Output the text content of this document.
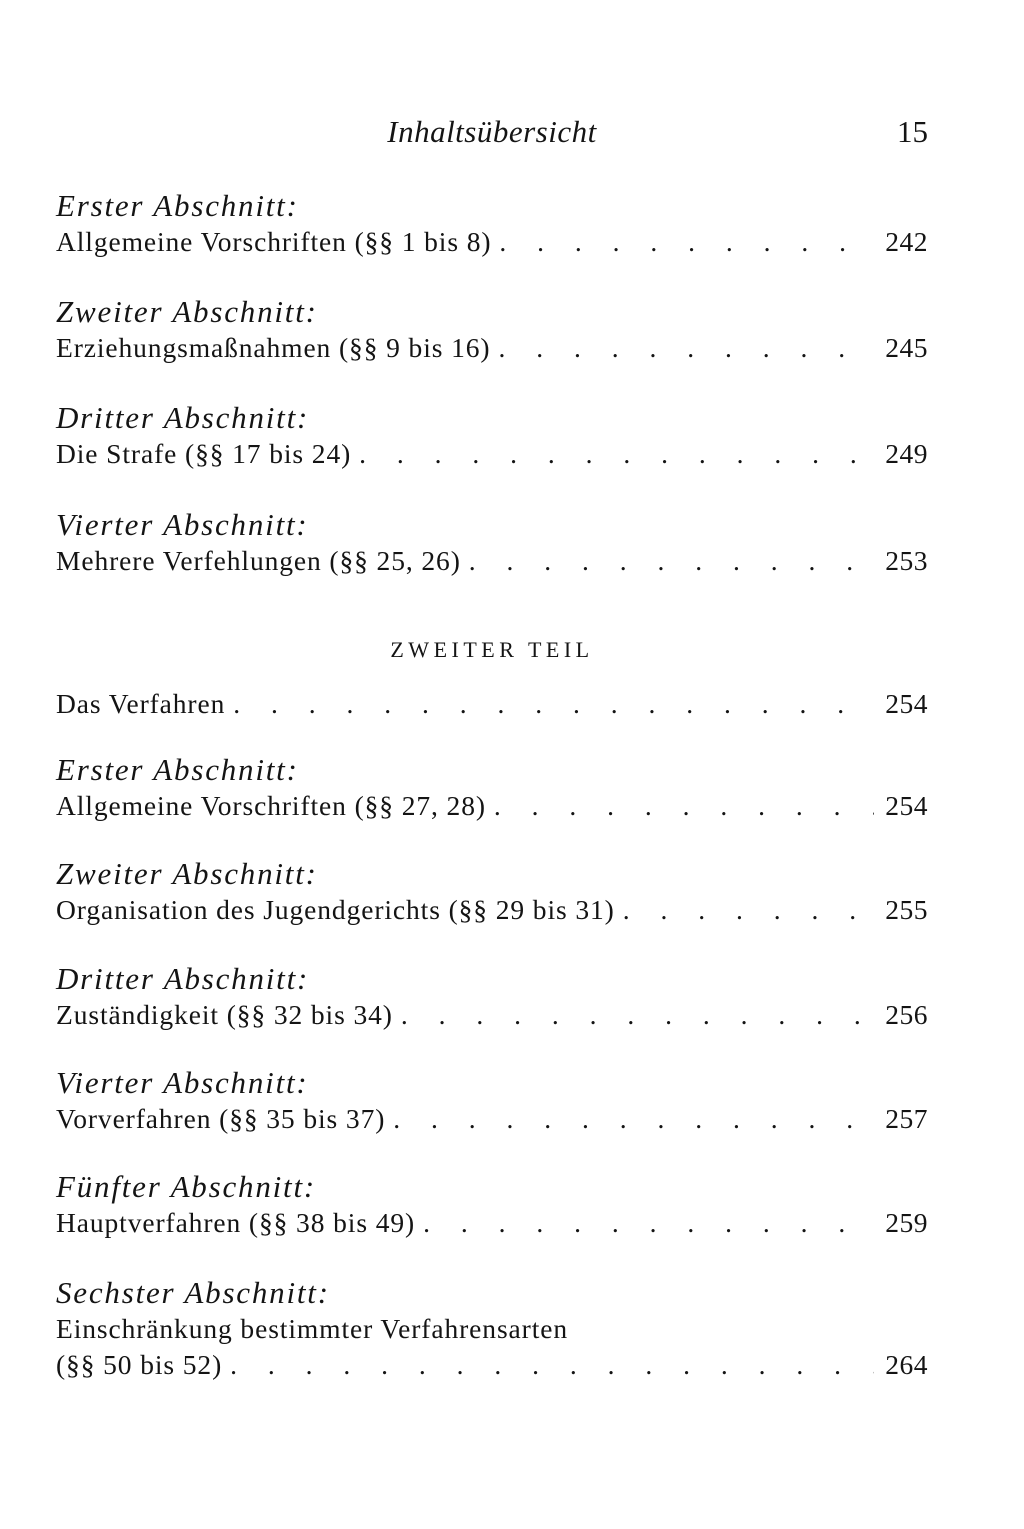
Inhaltsübersicht	15
Erster Abschnitt:
Allgemeine Vorschriften (§§ 1 bis 8) . . .	242
Zweiter Abschnitt:
Erziehungsmaßnahmen (§§ 9 bis 16) . . .	245
Dritter Abschnitt:
Die Strafe (§§ 17 bis 24) . . .	249
Vierter Abschnitt:
Mehrere Verfehlungen (§§ 25, 26) . . .	253
ZWEITER TEIL
Das Verfahren . . .	254
Erster Abschnitt:
Allgemeine Vorschriften (§§ 27, 28) . . .	254
Zweiter Abschnitt:
Organisation des Jugendgerichts (§§ 29 bis 31) . . .	255
Dritter Abschnitt:
Zuständigkeit (§§ 32 bis 34) . . .	256
Vierter Abschnitt:
Vorverfahren (§§ 35 bis 37) . . .	257
Fünfter Abschnitt:
Hauptverfahren (§§ 38 bis 49) . . .	259
Sechster Abschnitt:
Einschränkung bestimmter Verfahrensarten
(§§ 50 bis 52) . . .	264
